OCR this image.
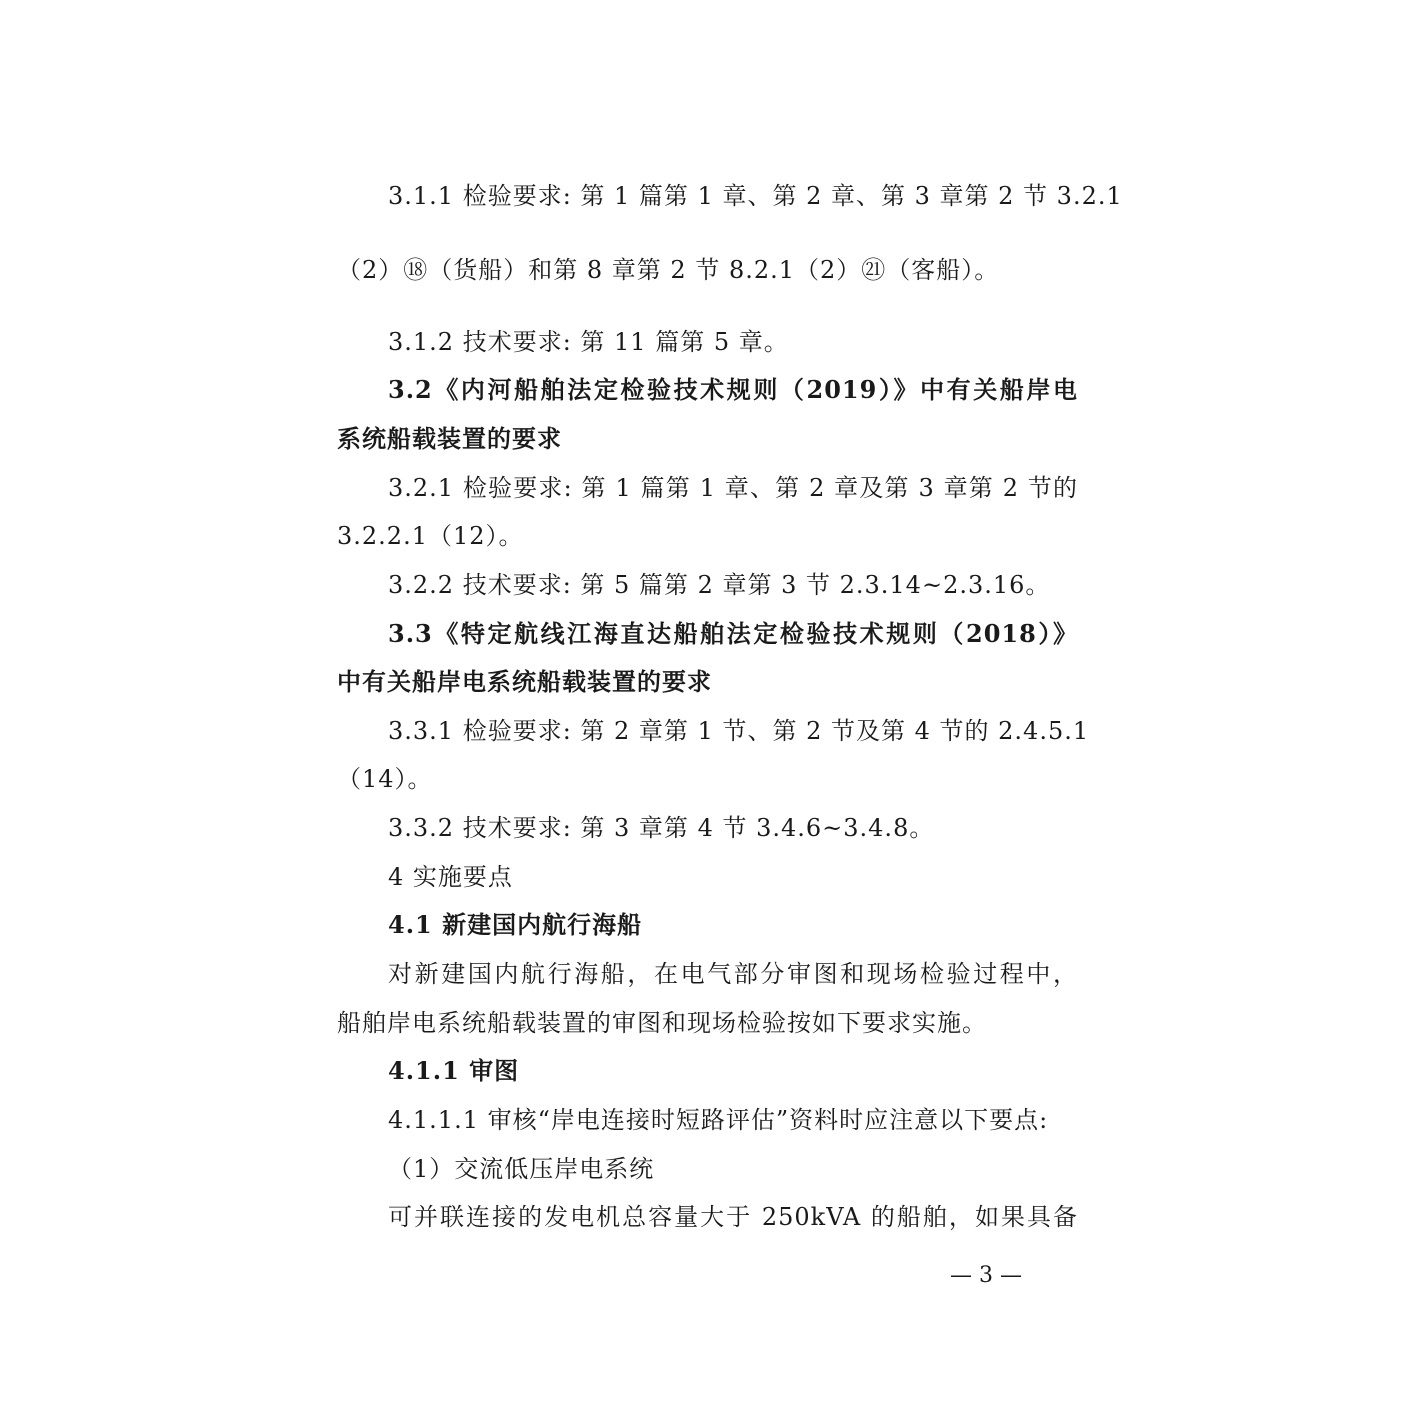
3.1.1 检验要求: 第 1 篇第 1 章、第 2 章、第 3 章第 2 节 3.2.1
（2）⑱（货船）和第 8 章第 2 节 8.2.1（2）㉑（客船）。
3.1.2 技术要求: 第 11 篇第 5 章。
3.2《内河船舶法定检验技术规则（2019）》中有关船岸电
系统船载装置的要求
3.2.1 检验要求: 第 1 篇第 1 章、第 2 章及第 3 章第 2 节的
3.2.2.1（12）。
3.2.2 技术要求: 第 5 篇第 2 章第 3 节 2.3.14~2.3.16。
3.3《特定航线江海直达船舶法定检验技术规则（2018）》
中有关船岸电系统船载装置的要求
3.3.1 检验要求: 第 2 章第 1 节、第 2 节及第 4 节的 2.4.5.1
（14）。
3.3.2 技术要求: 第 3 章第 4 节 3.4.6~3.4.8。
4 实施要点
4.1 新建国内航行海船
对新建国内航行海船，在电气部分审图和现场检验过程中，
船舶岸电系统船载装置的审图和现场检验按如下要求实施。
4.1.1 审图
4.1.1.1 审核“岸电连接时短路评估”资料时应注意以下要点:
（1）交流低压岸电系统
可并联连接的发电机总容量大于 250kVA 的船舶，如果具备
— 3 —
